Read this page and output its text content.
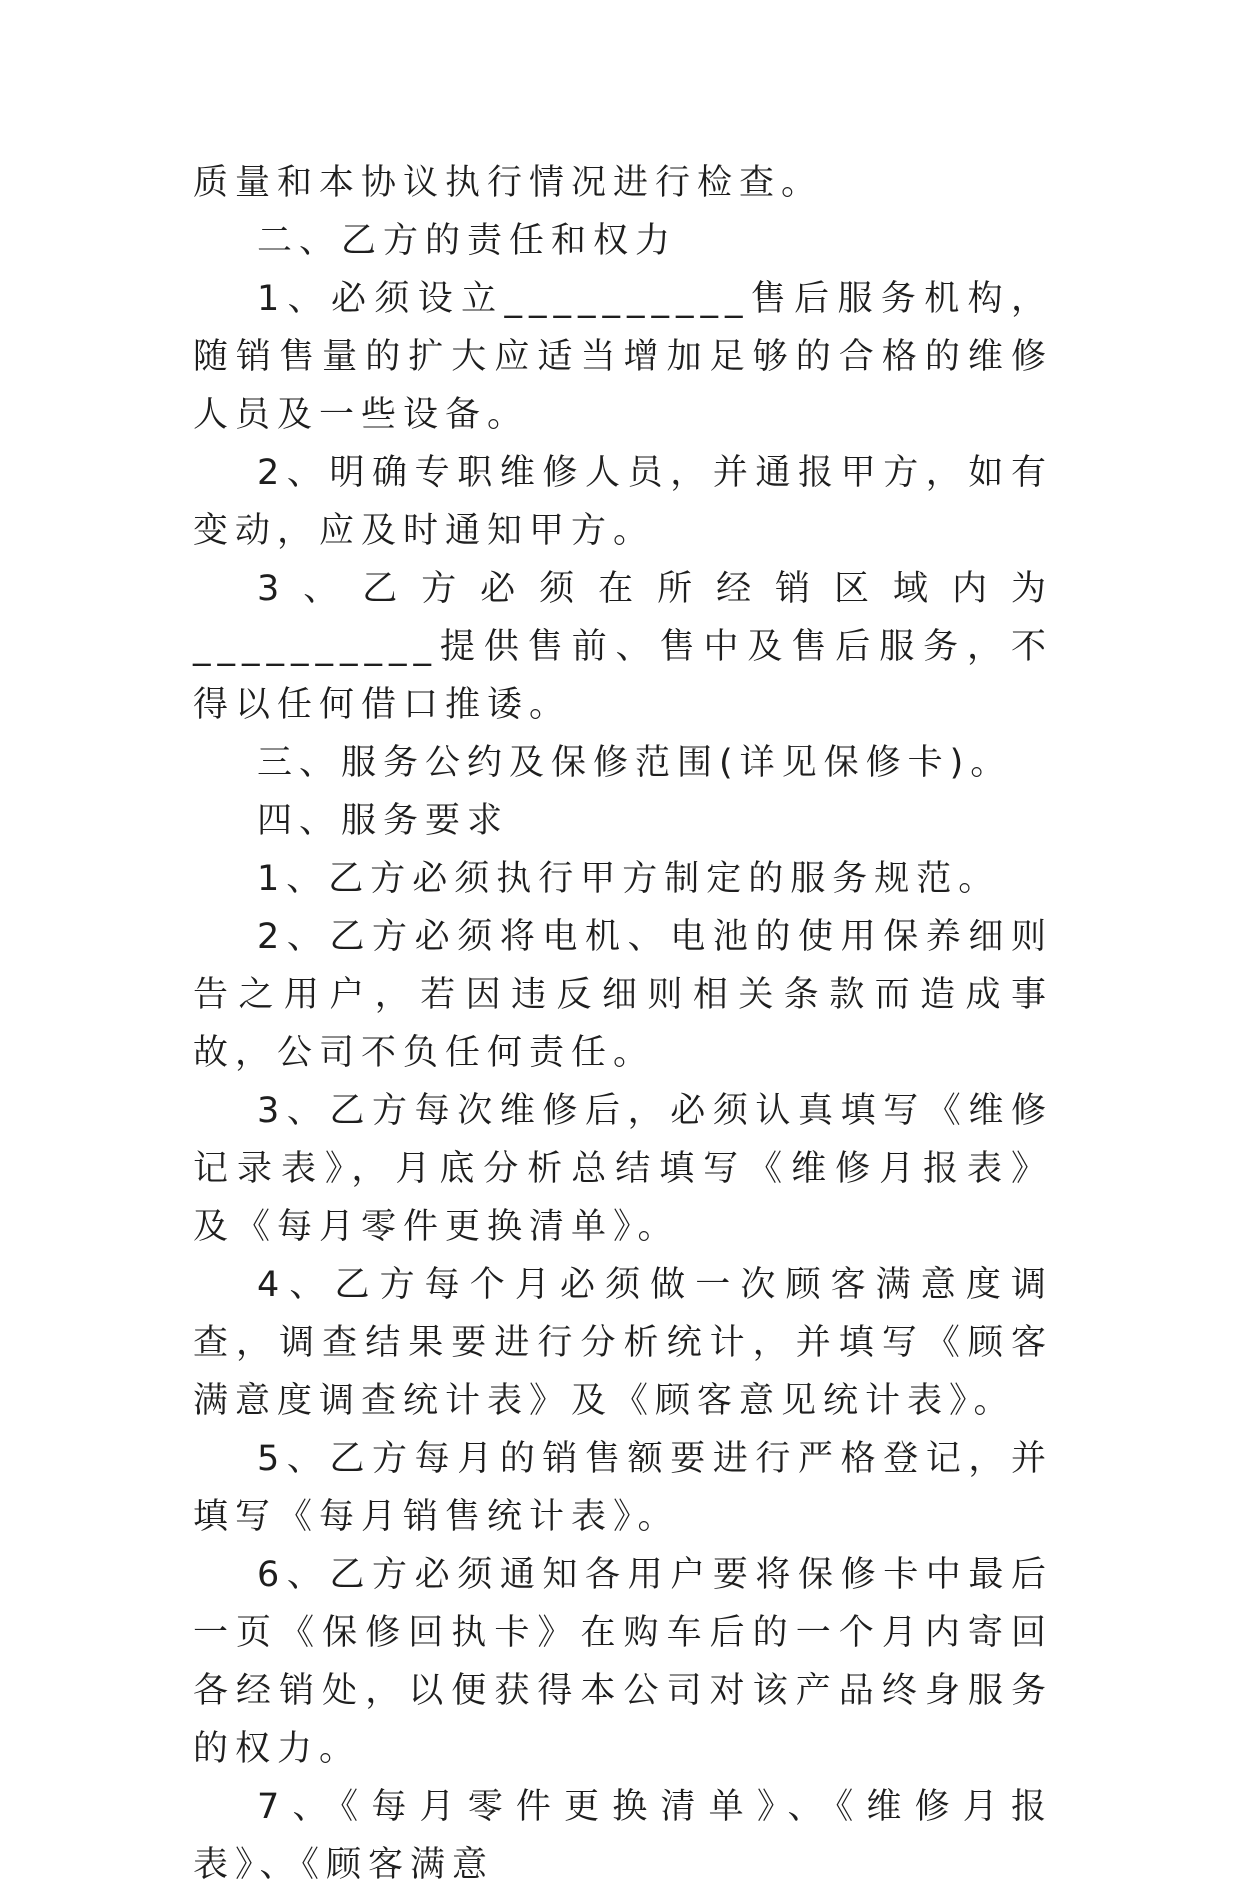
质量和本协议执行情况进行检查。

二、乙方的责任和权力

1、必须设立__________售后服务机构，随销售量的扩大应适当增加足够的合格的维修人员及一些设备。

2、明确专职维修人员，并通报甲方，如有变动，应及时通知甲方。

3、乙方必须在所经销区域内为__________提供售前、售中及售后服务，不得以任何借口推诿。

三、服务公约及保修范围(详见保修卡)。

四、服务要求

1、乙方必须执行甲方制定的服务规范。

2、乙方必须将电机、电池的使用保养细则告之用户，若因违反细则相关条款而造成事故，公司不负任何责任。

3、乙方每次维修后，必须认真填写《维修记录表》，月底分析总结填写《维修月报表》及《每月零件更换清单》。

4、乙方每个月必须做一次顾客满意度调查，调查结果要进行分析统计，并填写《顾客满意度调查统计表》及《顾客意见统计表》。

5、乙方每月的销售额要进行严格登记，并填写《每月销售统计表》。

6、乙方必须通知各用户要将保修卡中最后一页《保修回执卡》在购车后的一个月内寄回各经销处，以便获得本公司对该产品终身服务的权力。

7、《每月零件更换清单》、《维修月报表》、《顾客满意
